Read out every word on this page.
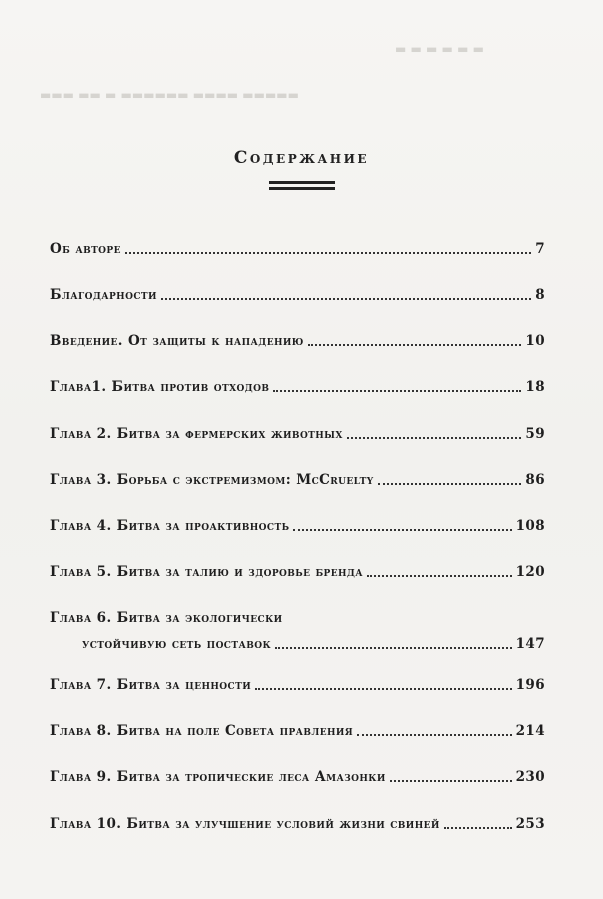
▬ ▬ ▬ ▬ ▬ ▬
▬▬▬ ▬▬ ▬ ▬▬▬▬▬▬ ▬▬▬▬ ▬▬▬▬▬
Содержание
Об авторе	7
Благодарности	8
Введение. От защиты к нападению	10
Глава1. Битва против отходов	18
Глава 2. Битва за фермерских животных	59
Глава 3. Борьба с экстремизмом: McCruelty	86
Глава 4. Битва за проактивность	108
Глава 5. Битва за талию и здоровье бренда	120
Глава 6. Битва за экологически
устойчивую сеть поставок	147
Глава 7. Битва за ценности	196
Глава 8. Битва на поле Совета правления	214
Глава 9. Битва за тропические леса Амазонки	230
Глава 10. Битва за улучшение условий жизни свиней	253
